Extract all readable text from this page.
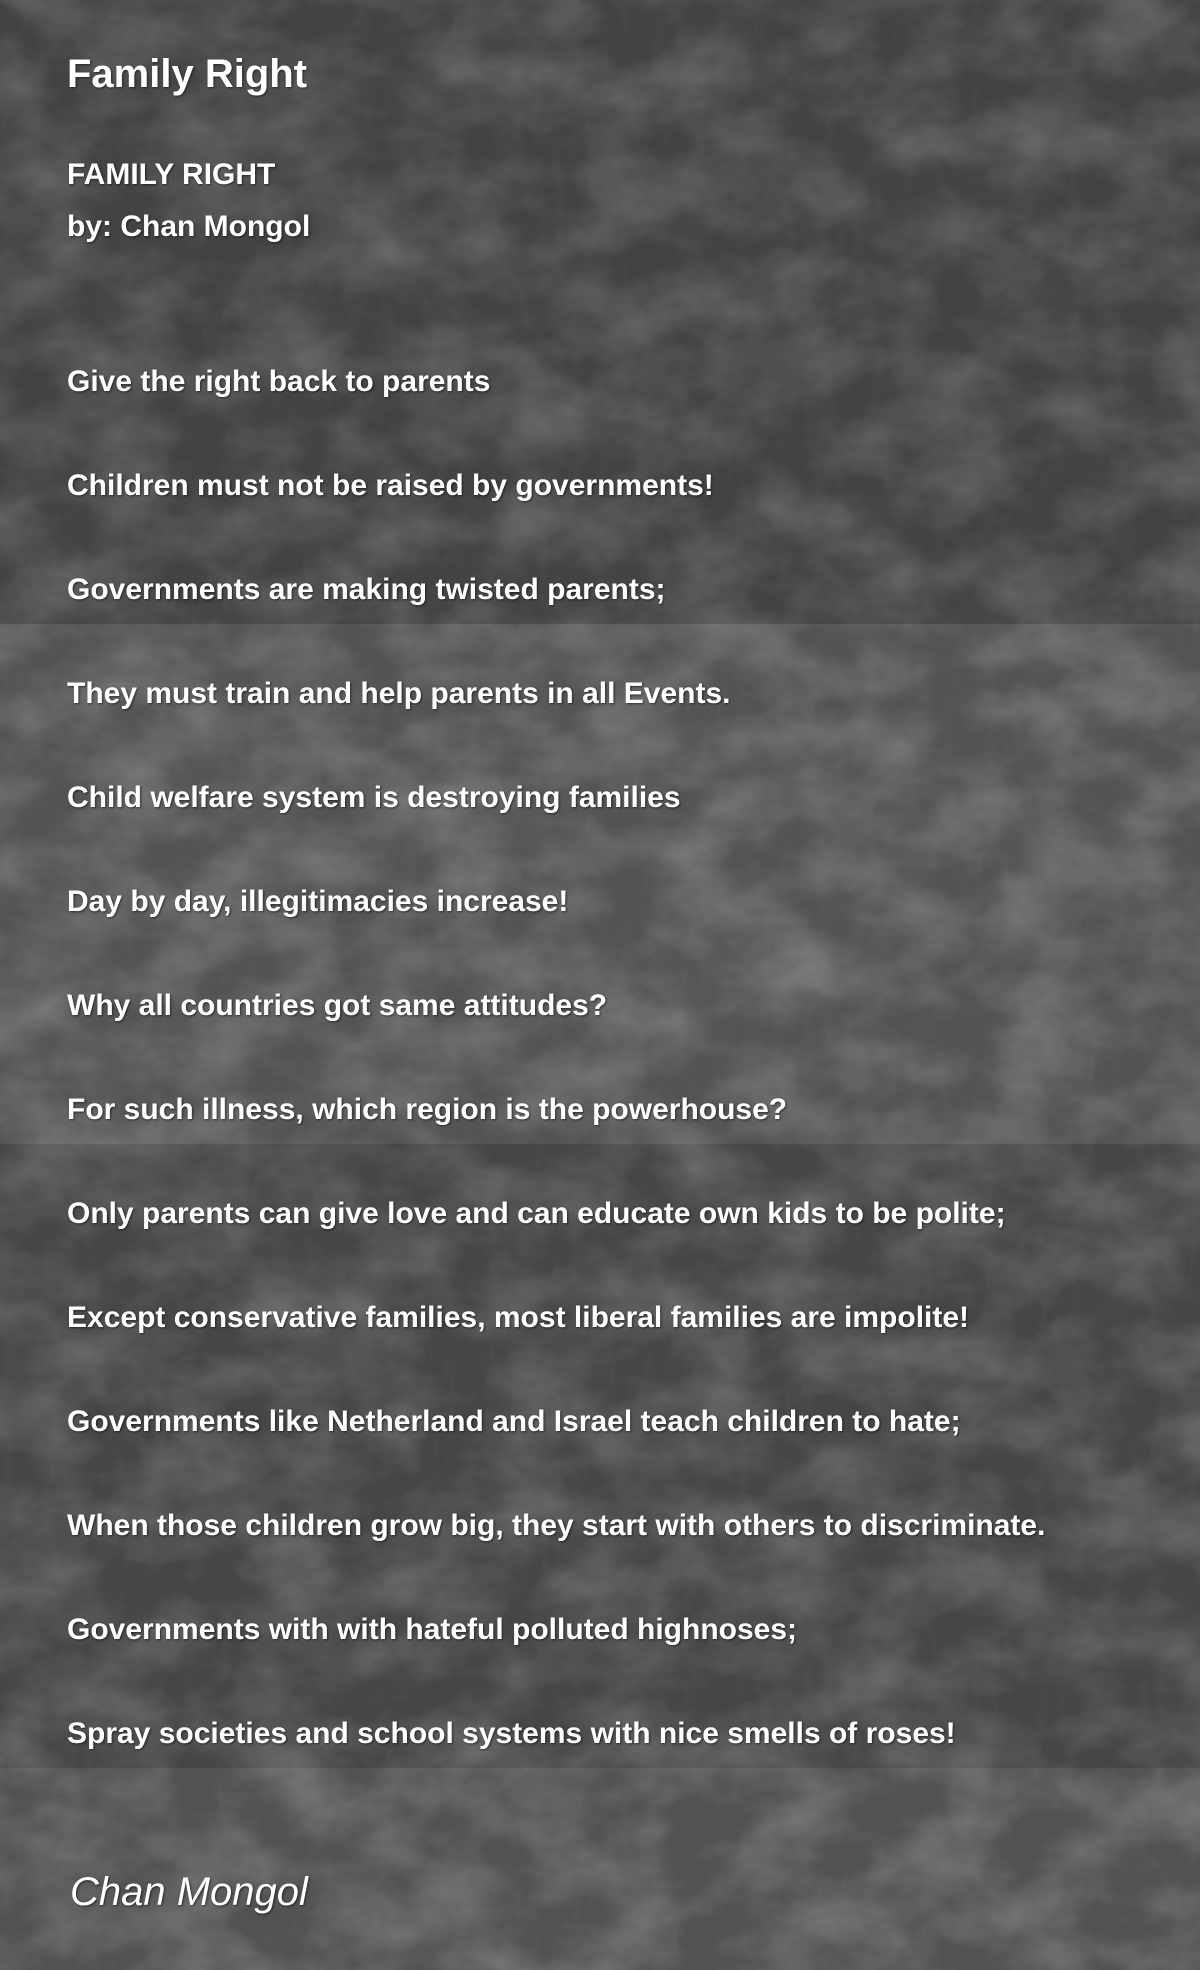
Family Right
FAMILY RIGHT
by: Chan Mongol
Give the right back to parents
Children must not be raised by governments!
Governments are making twisted parents;
They must train and help parents in all Events.
Child welfare system is destroying families
Day by day, illegitimacies increase!
Why all countries got same attitudes?
For such illness, which region is the powerhouse?
Only parents can give love and can educate own kids to be polite;
Except conservative families, most liberal families are impolite!
Governments like Netherland and Israel teach children to hate;
When those children grow big, they start with others to discriminate.
Governments with with hateful polluted highnoses;
Spray societies and school systems with nice smells of roses!
Chan Mongol
